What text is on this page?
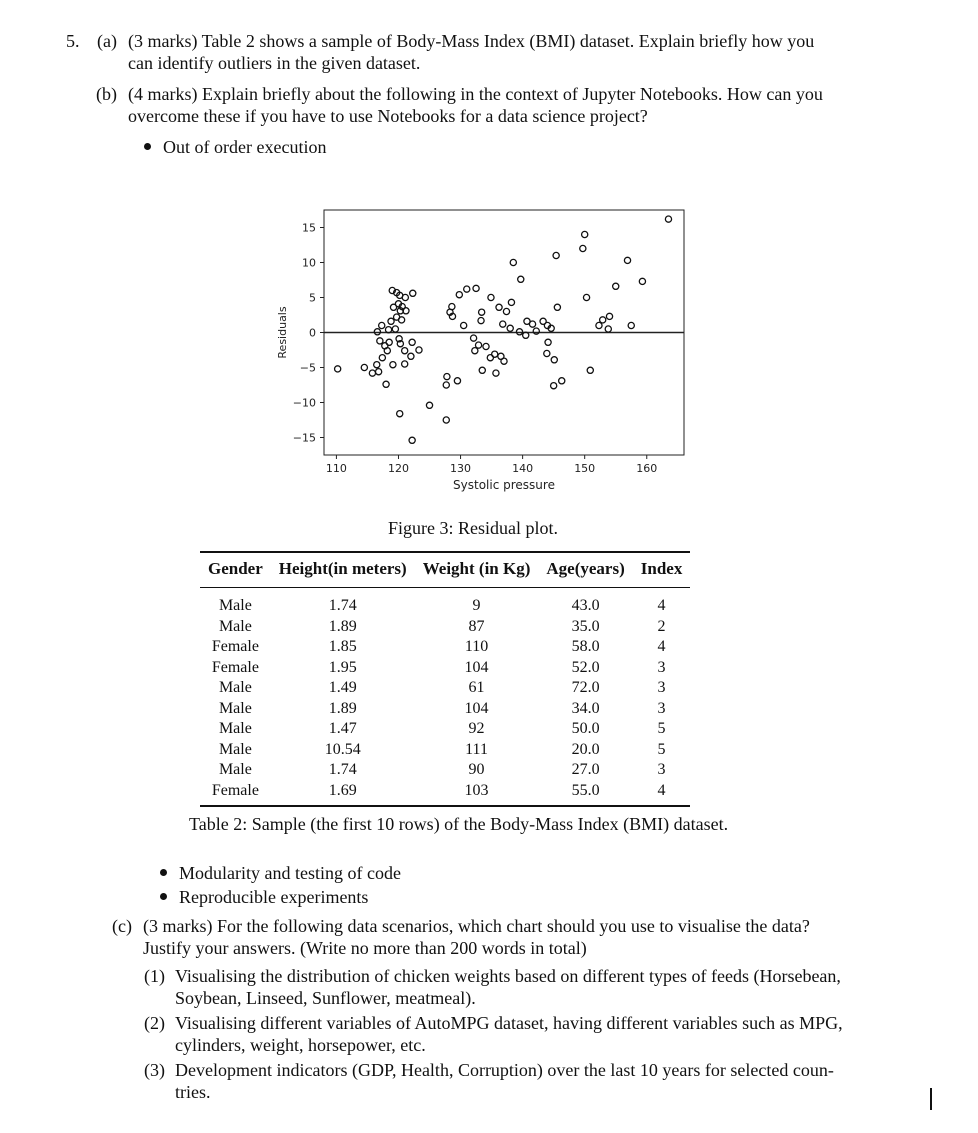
5. (a) (3 marks) Table 2 shows a sample of Body-Mass Index (BMI) dataset. Explain briefly how you
can identify outliers in the given dataset.
(b) (4 marks) Explain briefly about the following in the context of Jupyter Notebooks. How can you
overcome these if you have to use Notebooks for a data science project?
Out of order execution
15
10
5
0
−5
−10
−15
110	120	130	140	150	160
Systolic pressure
Residuals
Figure 3: Residual plot.
Gender	Height(in meters)	Weight (in Kg)	Age(years)	Index
Male	1.74	9	43.0	4
Male	1.89	87	35.0	2
Female	1.85	110	58.0	4
Female	1.95	104	52.0	3
Male	1.49	61	72.0	3
Male	1.89	104	34.0	3
Male	1.47	92	50.0	5
Male	10.54	111	20.0	5
Male	1.74	90	27.0	3
Female	1.69	103	55.0	4
Table 2: Sample (the first 10 rows) of the Body-Mass Index (BMI) dataset.
Modularity and testing of code
Reproducible experiments
(c) (3 marks) For the following data scenarios, which chart should you use to visualise the data?
Justify your answers. (Write no more than 200 words in total)
(1) Visualising the distribution of chicken weights based on different types of feeds (Horsebean,
Soybean, Linseed, Sunflower, meatmeal).
(2) Visualising different variables of AutoMPG dataset, having different variables such as MPG,
cylinders, weight, horsepower, etc.
(3) Development indicators (GDP, Health, Corruption) over the last 10 years for selected coun-
tries.
